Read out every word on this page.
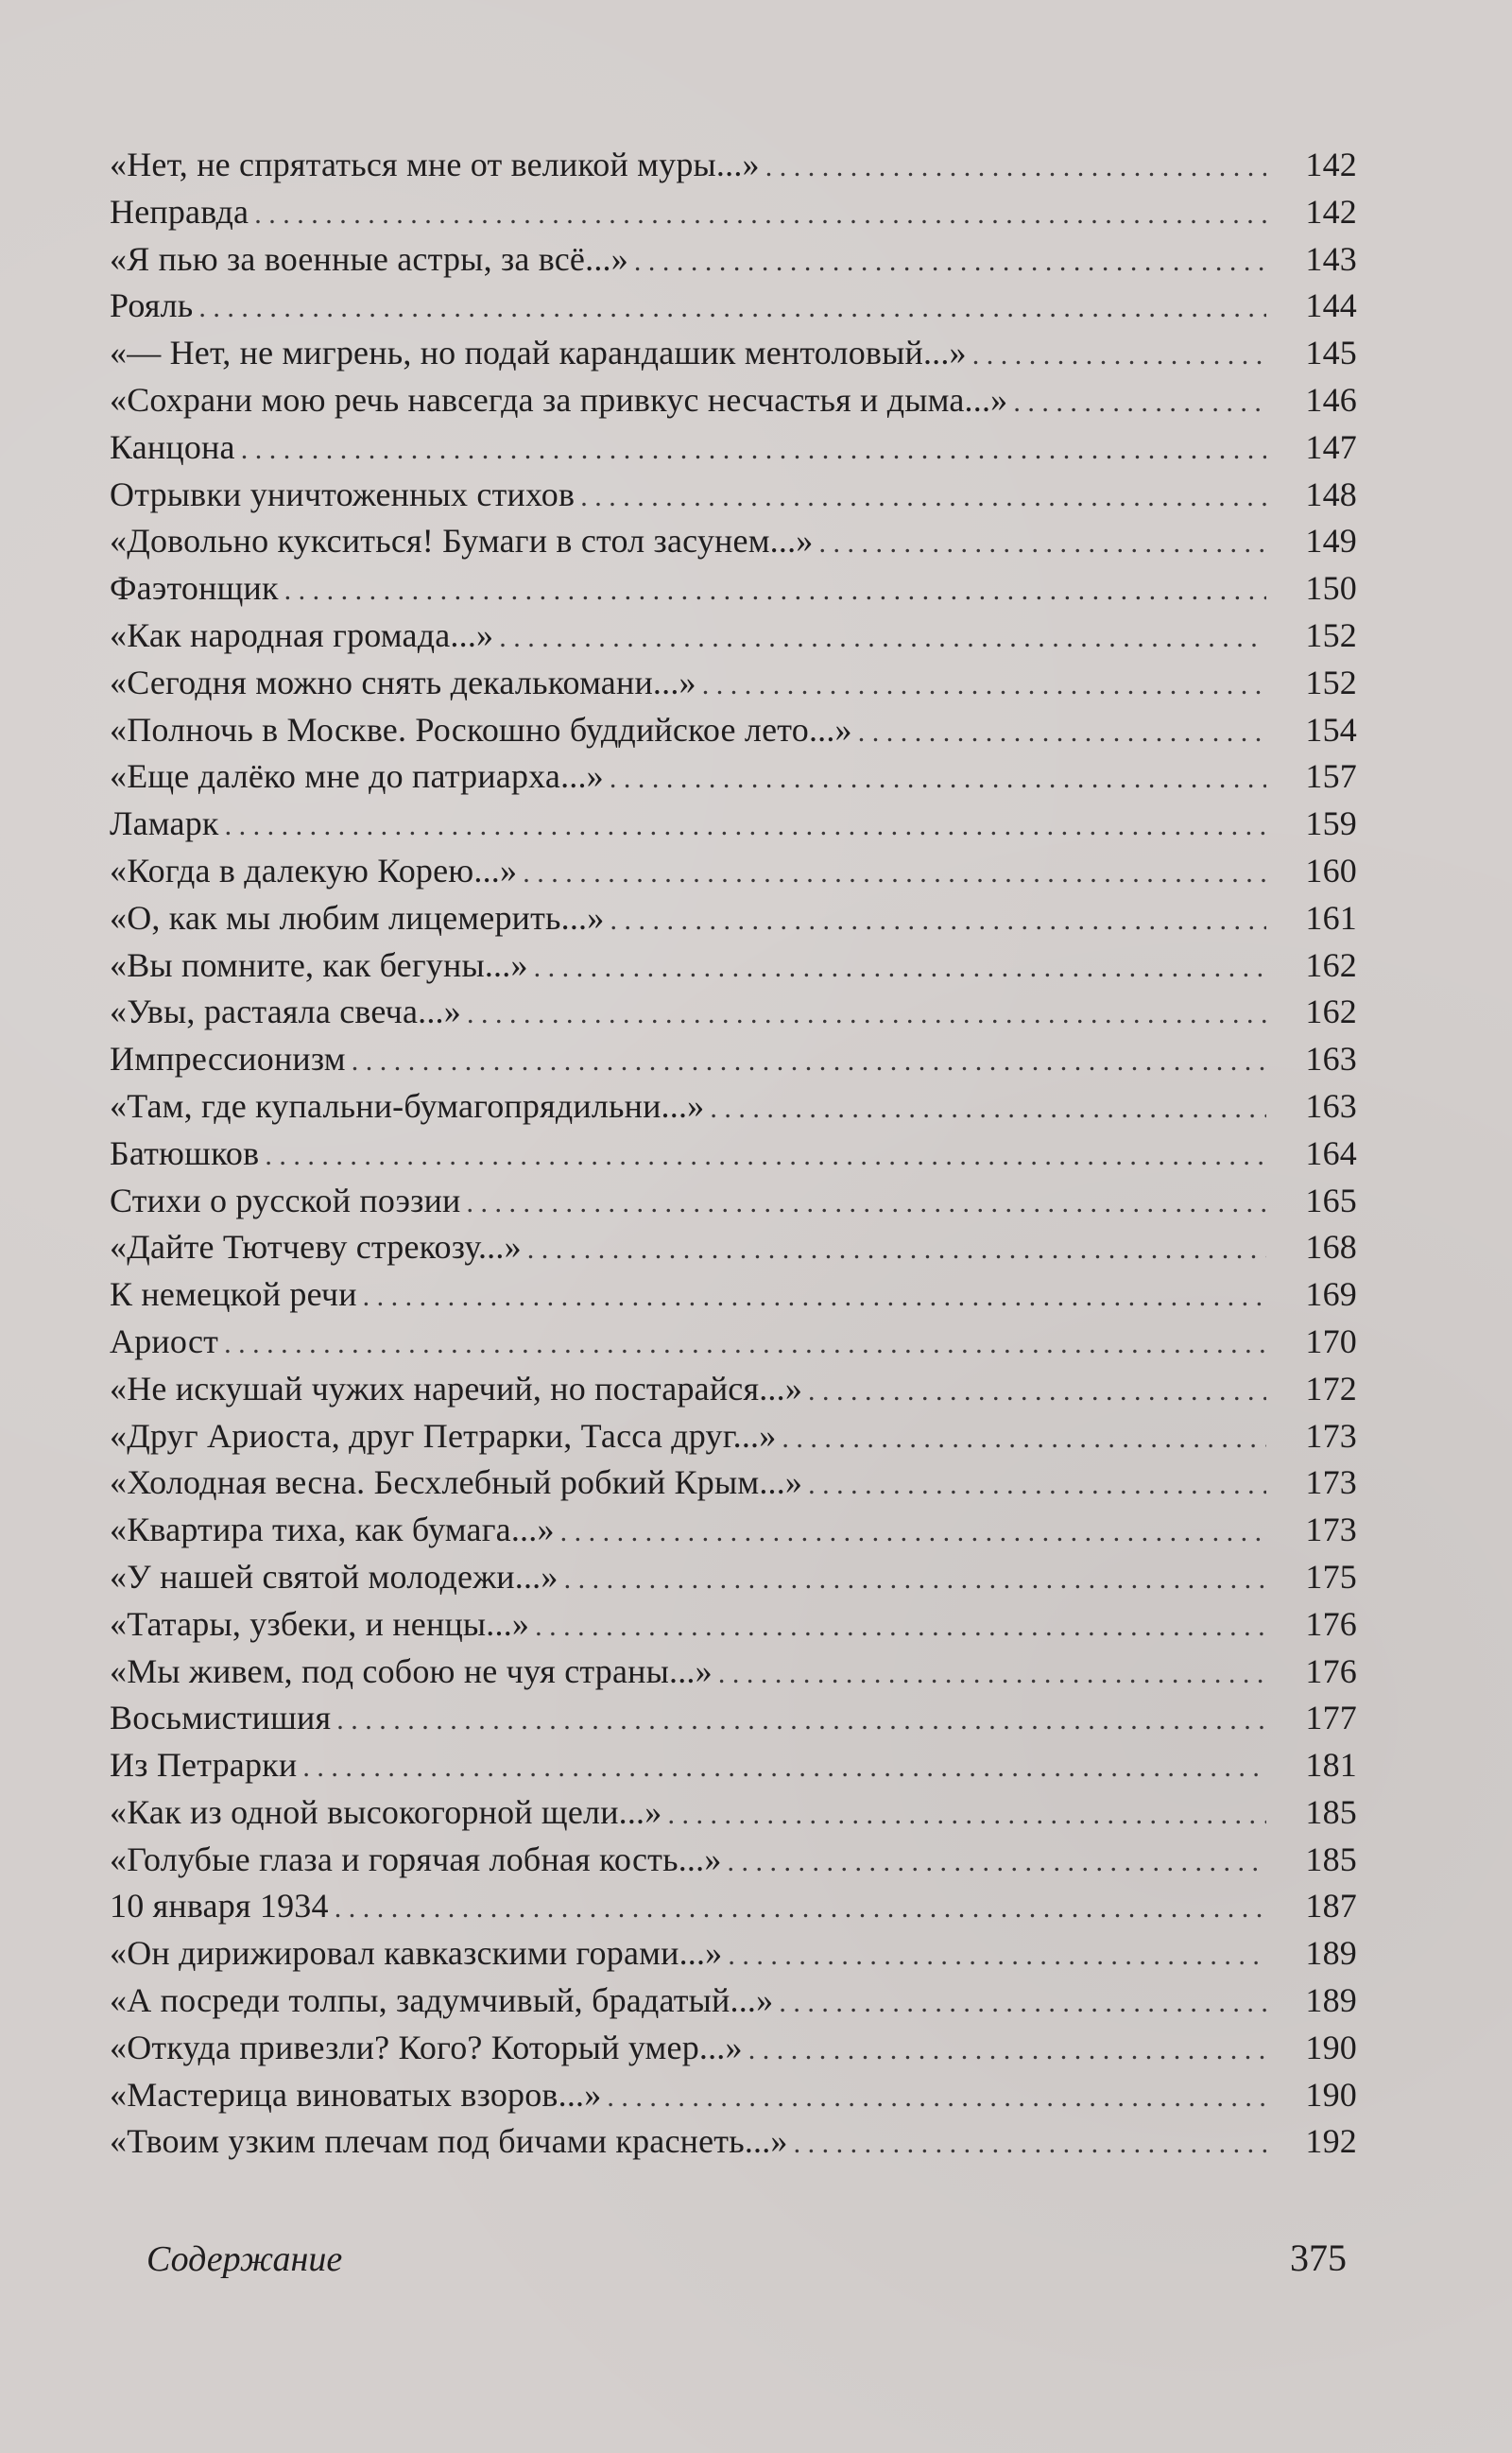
«Нет, не спрятаться мне от великой муры...» . . .	142
Неправда . . .	142
«Я пью за военные астры, за всё...» . . .	143
Рояль . . .	144
«— Нет, не мигрень, но подай карандашик ментоловый...» . . .	145
«Сохрани мою речь навсегда за привкус несчастья и дыма...» . . .	146
Канцона . . .	147
Отрывки уничтоженных стихов . . .	148
«Довольно кукситься! Бумаги в стол засунем...» . . .	149
Фаэтонщик . . .	150
«Как народная громада...» . . .	152
«Сегодня можно снять декалькомани...» . . .	152
«Полночь в Москве. Роскошно буддийское лето...» . . .	154
«Еще далёко мне до патриарха...» . . .	157
Ламарк . . .	159
«Когда в далекую Корею...» . . .	160
«О, как мы любим лицемерить...» . . .	161
«Вы помните, как бегуны...» . . .	162
«Увы, растаяла свеча...» . . .	162
Импрессионизм . . .	163
«Там, где купальни-бумагопрядильни...» . . .	163
Батюшков . . .	164
Стихи о русской поэзии . . .	165
«Дайте Тютчеву стрекозу...» . . .	168
К немецкой речи . . .	169
Ариост . . .	170
«Не искушай чужих наречий, но постарайся...» . . .	172
«Друг Ариоста, друг Петрарки, Тасса друг...» . . .	173
«Холодная весна. Бесхлебный робкий Крым...» . . .	173
«Квартира тиха, как бумага...» . . .	173
«У нашей святой молодежи...» . . .	175
«Татары, узбеки, и ненцы...» . . .	176
«Мы живем, под собою не чуя страны...» . . .	176
Восьмистишия . . .	177
Из Петрарки . . .	181
«Как из одной высокогорной щели...» . . .	185
«Голубые глаза и горячая лобная кость...» . . .	185
10 января 1934 . . .	187
«Он дирижировал кавказскими горами...» . . .	189
«А посреди толпы, задумчивый, брадатый...» . . .	189
«Откуда привезли? Кого? Который умер...» . . .	190
«Мастерица виноватых взоров...» . . .	190
«Твоим узким плечам под бичами краснеть...» . . .	192
Содержание	375
